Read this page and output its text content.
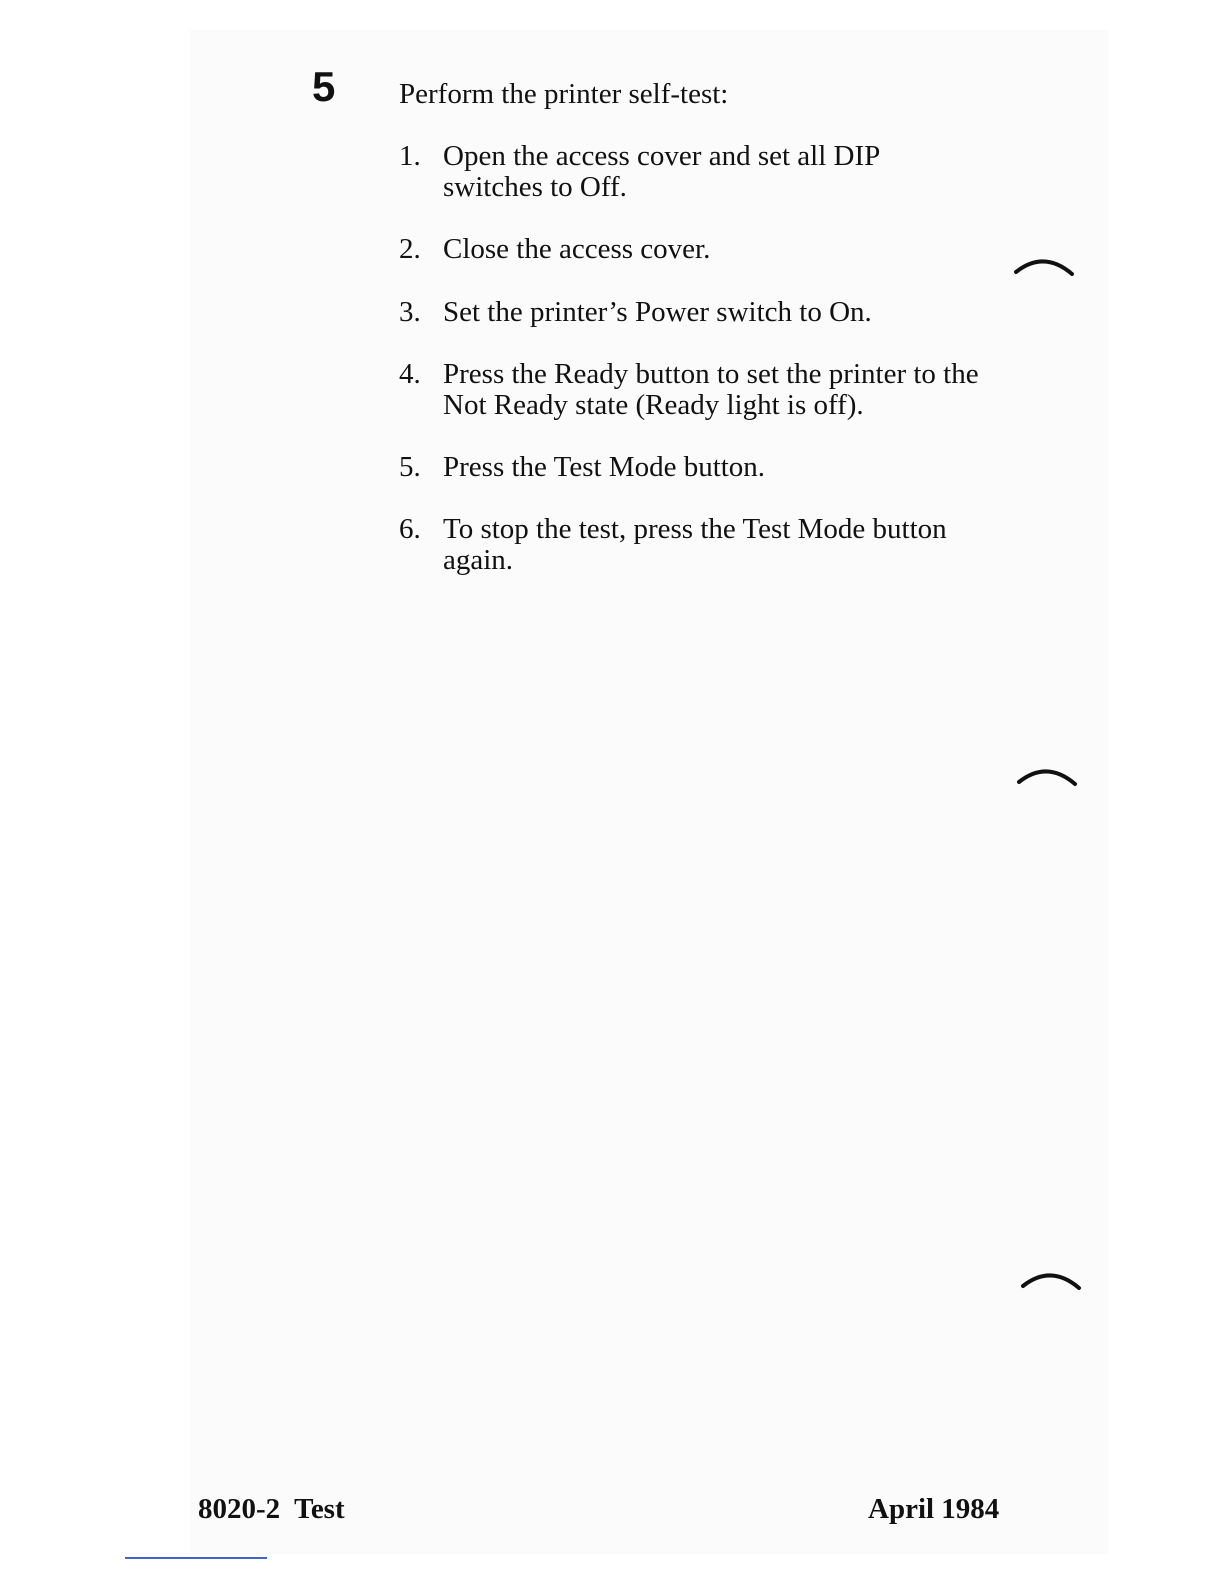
5 Perform the printer self-test:

1. Open the access cover and set all DIP switches to Off.
2. Close the access cover.
3. Set the printer’s Power switch to On.
4. Press the Ready button to set the printer to the Not Ready state (Ready light is off).
5. Press the Test Mode button.
6. To stop the test, press the Test Mode button again.

8020-2  Test	April 1984
